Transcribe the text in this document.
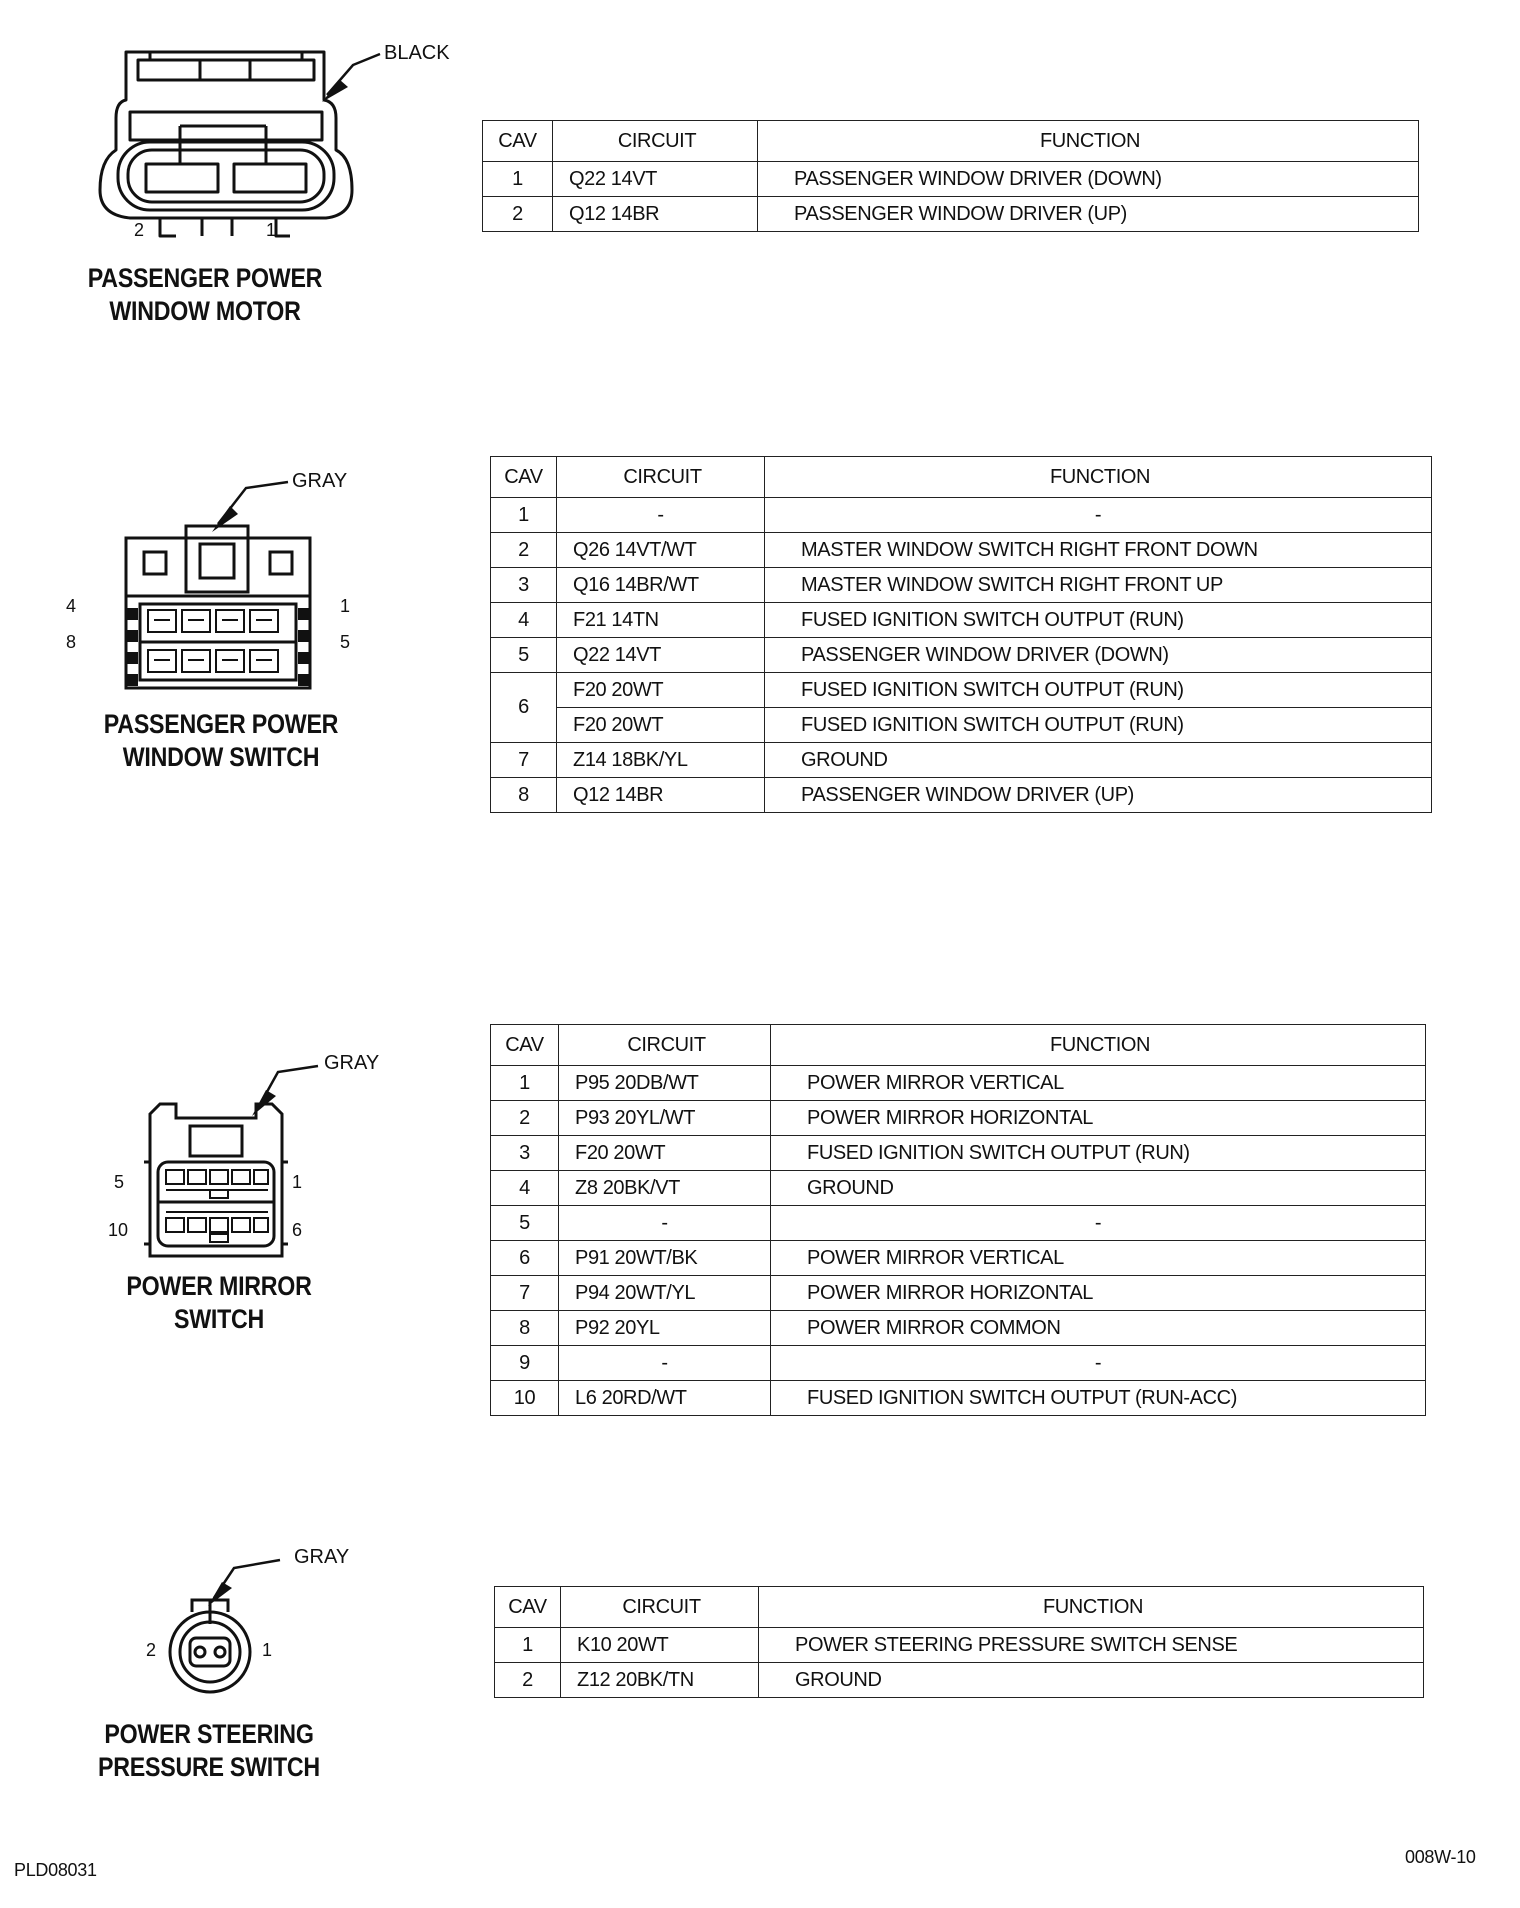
BLACK
2	1
PASSENGER POWER
WINDOW MOTOR
CAV	CIRCUIT	FUNCTION
1	Q22 14VT	PASSENGER WINDOW DRIVER (DOWN)
2	Q12 14BR	PASSENGER WINDOW DRIVER (UP)
GRAY
4
8
1
5
PASSENGER POWER
WINDOW SWITCH
CAV	CIRCUIT	FUNCTION
1	-	-
2	Q26 14VT/WT	MASTER WINDOW SWITCH RIGHT FRONT DOWN
3	Q16 14BR/WT	MASTER WINDOW SWITCH RIGHT FRONT UP
4	F21 14TN	FUSED IGNITION SWITCH OUTPUT (RUN)
5	Q22 14VT	PASSENGER WINDOW DRIVER (DOWN)
6	F20 20WT	FUSED IGNITION SWITCH OUTPUT (RUN)
	F20 20WT	FUSED IGNITION SWITCH OUTPUT (RUN)
7	Z14 18BK/YL	GROUND
8	Q12 14BR	PASSENGER WINDOW DRIVER (UP)
GRAY
5
10
1
6
POWER MIRROR
SWITCH
CAV	CIRCUIT	FUNCTION
1	P95 20DB/WT	POWER MIRROR VERTICAL
2	P93 20YL/WT	POWER MIRROR HORIZONTAL
3	F20 20WT	FUSED IGNITION SWITCH OUTPUT (RUN)
4	Z8 20BK/VT	GROUND
5	-	-
6	P91 20WT/BK	POWER MIRROR VERTICAL
7	P94 20WT/YL	POWER MIRROR HORIZONTAL
8	P92 20YL	POWER MIRROR COMMON
9	-	-
10	L6 20RD/WT	FUSED IGNITION SWITCH OUTPUT (RUN-ACC)
GRAY
2	1
POWER STEERING
PRESSURE SWITCH
CAV	CIRCUIT	FUNCTION
1	K10 20WT	POWER STEERING PRESSURE SWITCH SENSE
2	Z12 20BK/TN	GROUND
PLD08031
008W-10
